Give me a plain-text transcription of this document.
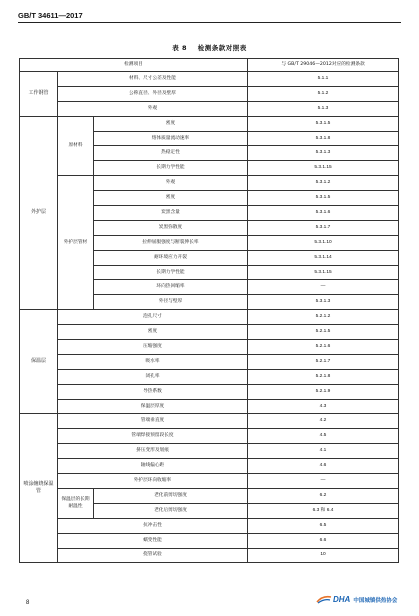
GB/T 34611—2017
表 8 检测条款对照表
检测项目			与 GB/T 29046—2012对应的检测条款
工作钢管	材料、尺寸公差及性能		5.1.1
	公称直径、外径及壁厚		5.1.2
	外观		5.1.3
外护层	原材料	密度	5.3.1.5
		熔体质量流动速率	5.3.1.8
		热稳定性	5.3.1.3
		长期力学性能	5.3.1.15
	外护层管材	外观	5.3.1.2
		密度	5.3.1.5
		炭黑含量	5.3.1.6
		炭黑弥散度	5.3.1.7
		拉伸屈服强度与断裂伸长率	5.3.1.10
		耐环境应力开裂	5.3.1.14
		长期力学性能	5.3.1.15
		环向热回缩率	—
		外径与壁厚	5.3.1.3
保温层	泡孔尺寸		5.2.1.2
	密度		5.2.1.5
	压缩强度		5.2.1.6
	吸水率		5.2.1.7
	闭孔率		5.2.1.8
	导热系数		5.2.1.9
	保温层厚度		4.3
喷涂缠绕保温管	管端垂直度		4.2
	管端焊接预留段长度		4.5
	挤压变形及划痕		4.1
	轴线偏心距		4.6
	外护层环向收缩率		—
	保温层的长期耐温性	老化前剪切强度	6.2
		老化后剪切强度	6.3 和 6.4
	抗冲击性		6.5
	蠕变性能		6.6
	挠管试验		10
8	DHA 中国城镇供热协会
